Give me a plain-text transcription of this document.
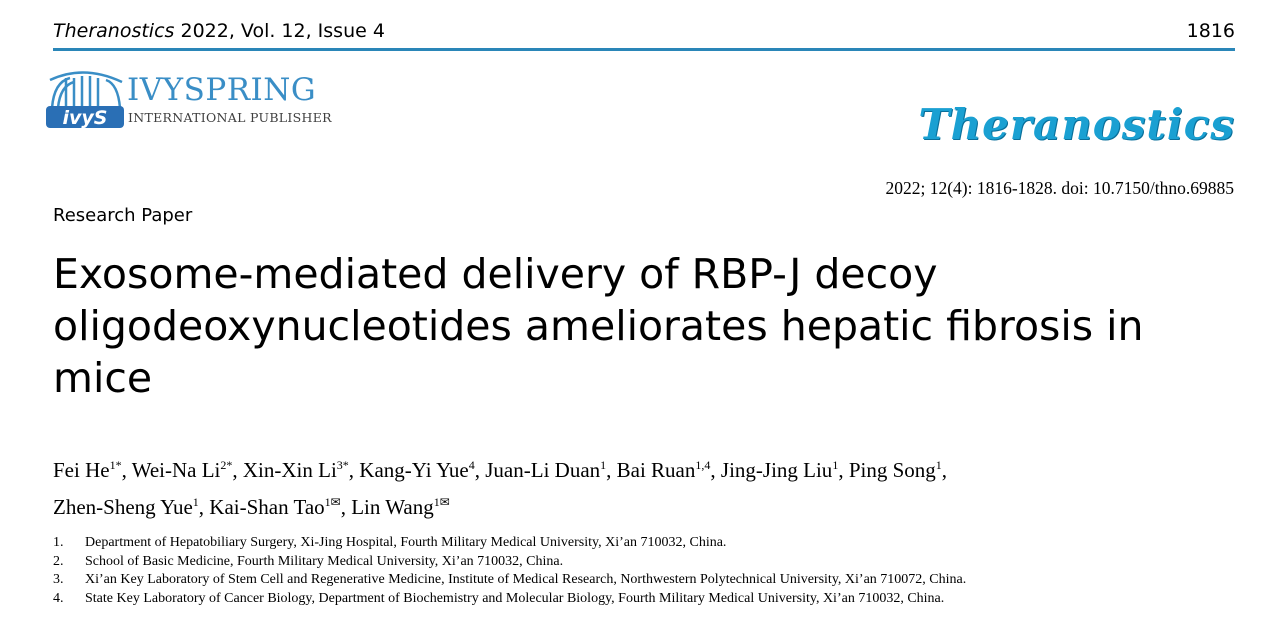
Theranostics 2022, Vol. 12, Issue 4	1816
ivyS
IVYSPRING
INTERNATIONAL PUBLISHER	Theranostics
2022; 12(4): 1816-1828. doi: 10.7150/thno.69885
Research Paper
Exosome-mediated delivery of RBP-J decoy oligodeoxynucleotides ameliorates hepatic fibrosis in mice
Fei $He^{1*}$, Wei-Na $Li^{2*}$, Xin-Xin $Li^{3*}$, Kang-Yi Yue$^4$, Juan-Li Duan$^1$, Bai Ruan$^{1,4}$, Jing-Jing Liu$^1$, Ping Song$^1$,
Zhen-Sheng Yue$^1$, Kai-Shan Tao$^{1✉}$, Lin Wang$^{1✉}$
1. Department of Hepatobiliary Surgery, Xi-Jing Hospital, Fourth Military Medical University, Xi’an 710032, China.
2. School of Basic Medicine, Fourth Military Medical University, Xi’an 710032, China.
3. Xi’an Key Laboratory of Stem Cell and Regenerative Medicine, Institute of Medical Research, Northwestern Polytechnical University, Xi’an 710072, China.
4. State Key Laboratory of Cancer Biology, Department of Biochemistry and Molecular Biology, Fourth Military Medical University, Xi’an 710032, China.
